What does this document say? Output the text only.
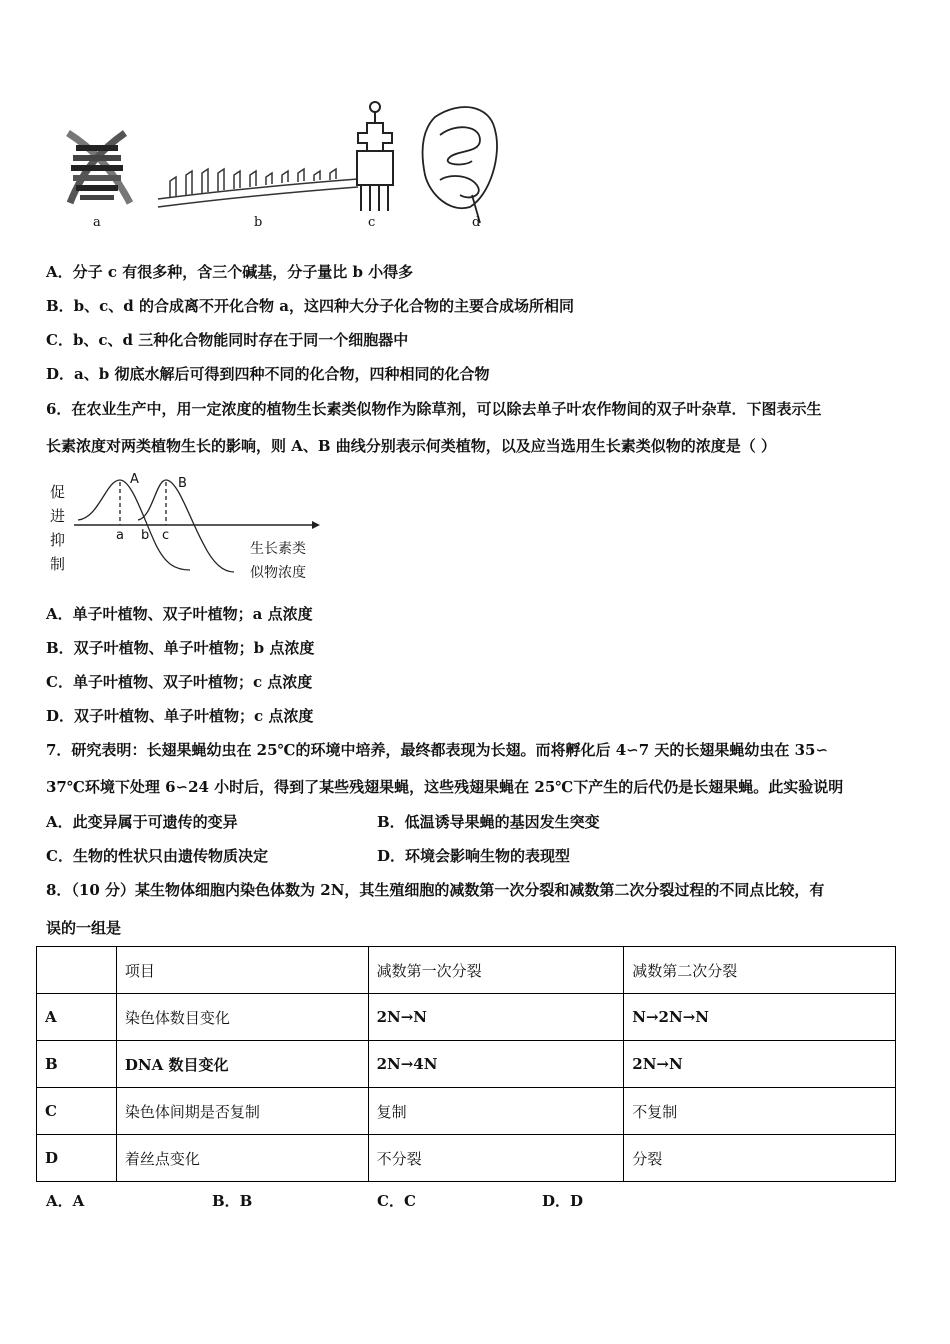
a	b	c	d
A．分子 c 有很多种，含三个碱基，分子量比 b 小得多
B．b、c、d 的合成离不开化合物 a，这四种大分子化合物的主要合成场所相同
C．b、c、d 三种化合物能同时存在于同一个细胞器中
D．a、b 彻底水解后可得到四种不同的化合物，四种相同的化合物
6．在农业生产中，用一定浓度的植物生长素类似物作为除草剂，可以除去单子叶农作物间的双子叶杂草．下图表示生
长素浓度对两类植物生长的影响，则 A、B 曲线分别表示何类植物，以及应当选用生长素类似物的浓度是（ ）
促
进
抑
制
A	B
a b c
生长素类
似物浓度
A．单子叶植物、双子叶植物；a 点浓度
B．双子叶植物、单子叶植物；b 点浓度
C．单子叶植物、双子叶植物；c 点浓度
D．双子叶植物、单子叶植物；c 点浓度
7．研究表明：长翅果蝇幼虫在 25℃的环境中培养，最终都表现为长翅。而将孵化后 4∽7 天的长翅果蝇幼虫在 35∽
37℃环境下处理 6∽24 小时后，得到了某些残翅果蝇，这些残翅果蝇在 25℃下产生的后代仍是长翅果蝇。此实验说明
A．此变异属于可遗传的变异	B．低温诱导果蝇的基因发生突变
C．生物的性状只由遗传物质决定	D．环境会影响生物的表现型
8．（10 分）某生物体细胞内染色体数为 2N，其生殖细胞的减数第一次分裂和减数第二次分裂过程的不同点比较，有
误的一组是
	项目	减数第一次分裂	减数第二次分裂
A	染色体数目变化	2N→N	N→2N→N
B	DNA 数目变化	2N→4N	2N→N
C	染色体间期是否复制	复制	不复制
D	着丝点变化	不分裂	分裂
A．A	B．B	C．C	D．D
